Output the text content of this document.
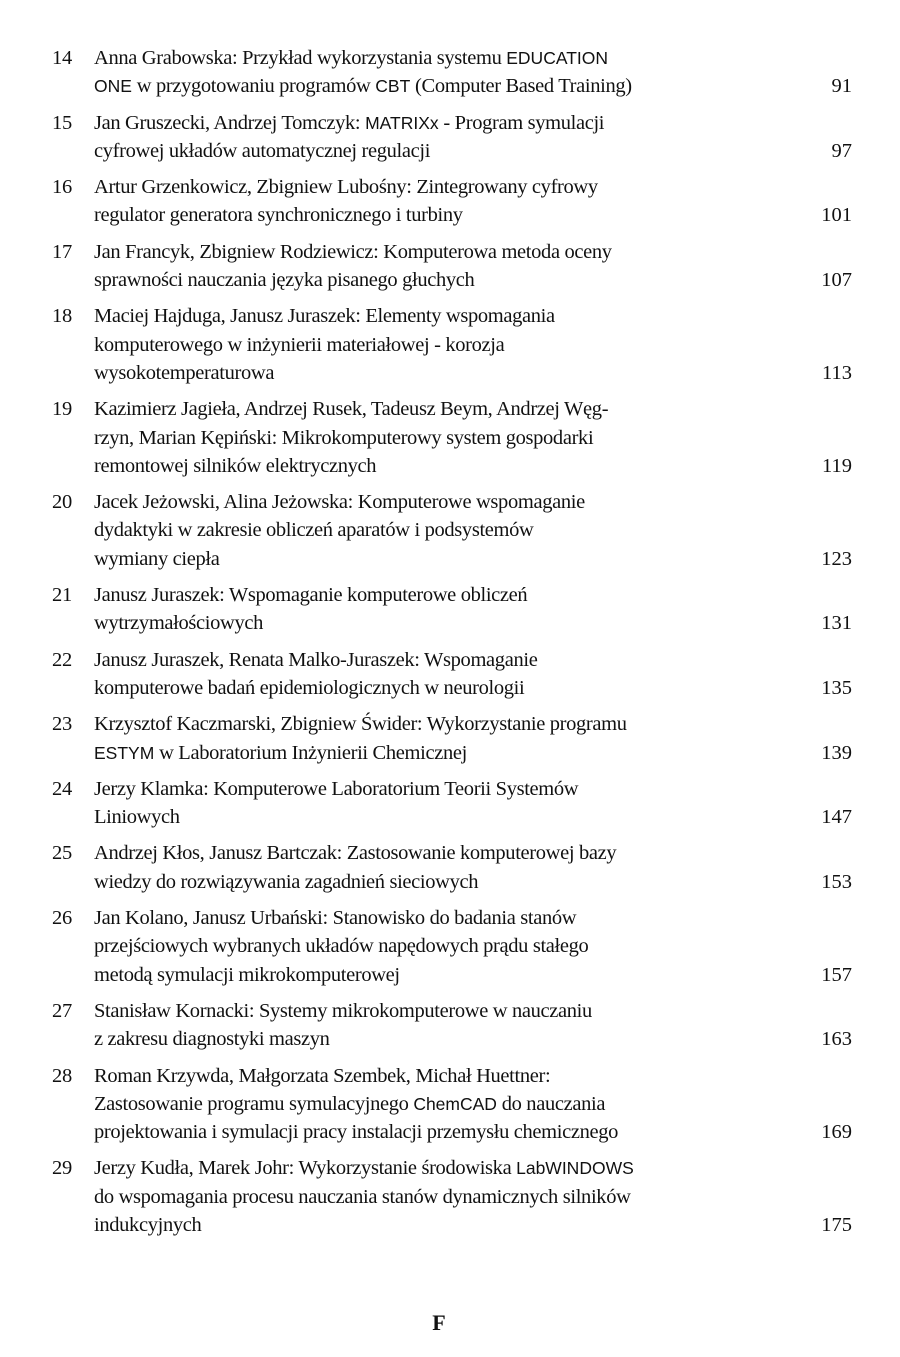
14	Anna Grabowska: Przykład wykorzystania systemu EDUCATION
ONE w przygotowaniu programów CBT (Computer Based Training)	91
15	Jan Gruszecki, Andrzej Tomczyk: MATRIXx - Program symulacji
cyfrowej układów automatycznej regulacji	97
16	Artur Grzenkowicz, Zbigniew Lubośny: Zintegrowany cyfrowy
regulator generatora synchronicznego i turbiny	101
17	Jan Francyk, Zbigniew Rodziewicz: Komputerowa metoda oceny
sprawności nauczania języka pisanego głuchych	107
18	Maciej Hajduga, Janusz Juraszek: Elementy wspomagania
komputerowego w inżynierii materiałowej - korozja
wysokotemperaturowa	113
19	Kazimierz Jagieła, Andrzej Rusek, Tadeusz Beym, Andrzej Węg-
rzyn, Marian Kępiński: Mikrokomputerowy system gospodarki
remontowej silników elektrycznych	119
20	Jacek Jeżowski, Alina Jeżowska: Komputerowe wspomaganie
dydaktyki w zakresie obliczeń aparatów i podsystemów
wymiany ciepła	123
21	Janusz Juraszek: Wspomaganie komputerowe obliczeń
wytrzymałościowych	131
22	Janusz Juraszek, Renata Malko-Juraszek: Wspomaganie
komputerowe badań epidemiologicznych w neurologii	135
23	Krzysztof Kaczmarski, Zbigniew Świder: Wykorzystanie programu
ESTYM w Laboratorium Inżynierii Chemicznej	139
24	Jerzy Klamka: Komputerowe Laboratorium Teorii Systemów
Liniowych	147
25	Andrzej Kłos, Janusz Bartczak: Zastosowanie komputerowej bazy
wiedzy do rozwiązywania zagadnień sieciowych	153
26	Jan Kolano, Janusz Urbański: Stanowisko do badania stanów
przejściowych wybranych układów napędowych prądu stałego
metodą symulacji mikrokomputerowej	157
27	Stanisław Kornacki: Systemy mikrokomputerowe w nauczaniu
z zakresu diagnostyki maszyn	163
28	Roman Krzywda, Małgorzata Szembek, Michał Huettner:
Zastosowanie programu symulacyjnego ChemCAD do nauczania
projektowania i symulacji pracy instalacji przemysłu chemicznego	169
29	Jerzy Kudła, Marek Johr: Wykorzystanie środowiska LabWINDOWS
do wspomagania procesu nauczania stanów dynamicznych silników
indukcyjnych	175
F
